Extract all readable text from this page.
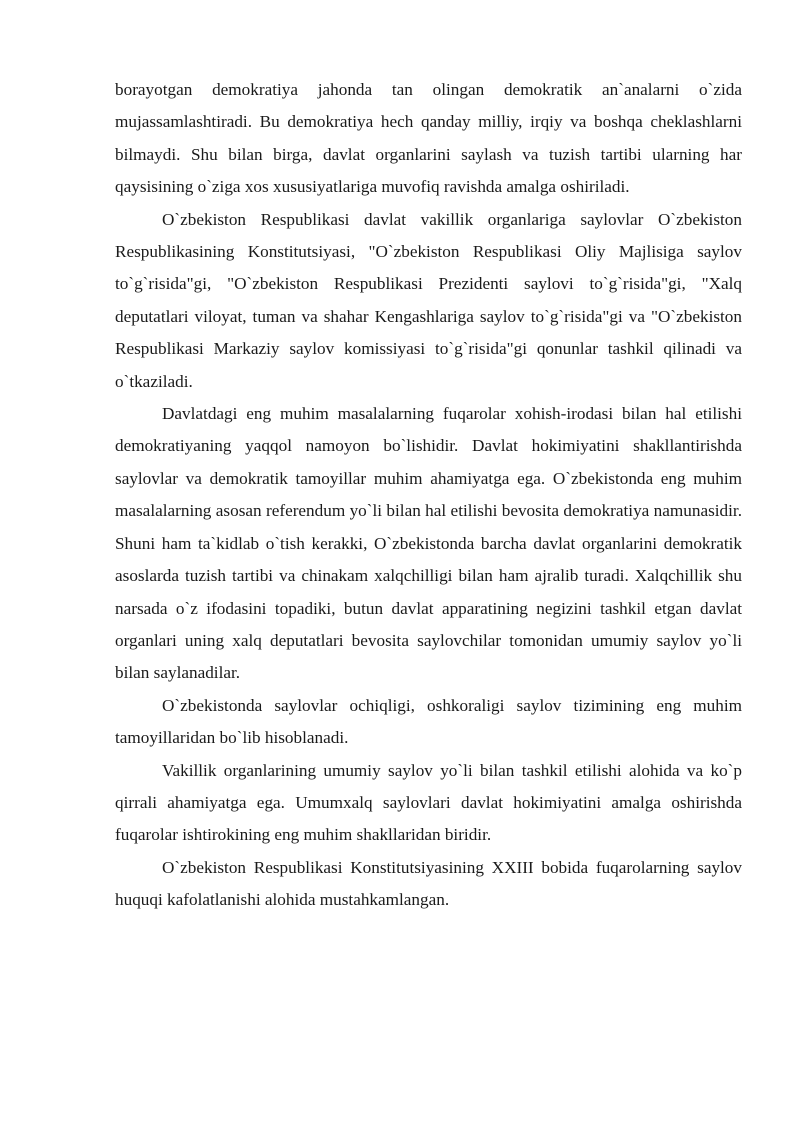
borayotgan demokratiya jahonda tan olingan demokratik an`analarni o`zida mujassamlashtiradi. Bu demokratiya hech qanday milliy, irqiy va boshqa cheklashlarni bilmaydi. Shu bilan birga, davlat organlarini saylash va tuzish tartibi ularning har qaysisining o`ziga xos xususiyatlariga muvofiq ravishda amalga oshiriladi.

O`zbekiston Respublikasi davlat vakillik organlariga saylovlar O`zbekiston Respublikasining Konstitutsiyasi, "O`zbekiston Respublikasi Oliy Majlisiga saylov to`g`risida"gi, "O`zbekiston Respublikasi Prezidenti saylovi to`g`risida"gi, "Xalq deputatlari viloyat, tuman va shahar Kengashlariga saylov to`g`risida"gi va "O`zbekiston Respublikasi Markaziy saylov komissiyasi to`g`risida"gi qonunlar tashkil qilinadi va o`tkaziladi.

Davlatdagi eng muhim masalalarning fuqarolar xohish-irodasi bilan hal etilishi demokratiyaning yaqqol namoyon bo`lishidir. Davlat hokimiyatini shakllantirishda saylovlar va demokratik tamoyillar muhim ahamiyatga ega. O`zbekistonda eng muhim masalalarning asosan referendum yo`li bilan hal etilishi bevosita demokratiya namunasidir. Shuni ham ta`kidlab o`tish kerakki, O`zbekistonda barcha davlat organlarini demokratik asoslarda tuzish tartibi va chinakam xalqchilligi bilan ham ajralib turadi. Xalqchillik shu narsada o`z ifodasini topadiki, butun davlat apparatining negizini tashkil etgan davlat organlari uning xalq deputatlari bevosita saylovchilar tomonidan umumiy saylov yo`li bilan saylanadilar.

O`zbekistonda saylovlar ochiqligi, oshkoraligi saylov tizimining eng muhim tamoyillaridan bo`lib hisoblanadi.

Vakillik organlarining umumiy saylov yo`li bilan tashkil etilishi alohida va ko`p qirrali ahamiyatga ega. Umumxalq saylovlari davlat hokimiyatini amalga oshirishda fuqarolar ishtirokining eng muhim shakllaridan biridir.

O`zbekiston Respublikasi Konstitutsiyasining XXIII bobida fuqarolarning saylov huquqi kafolatlanishi alohida mustahkamlangan.
